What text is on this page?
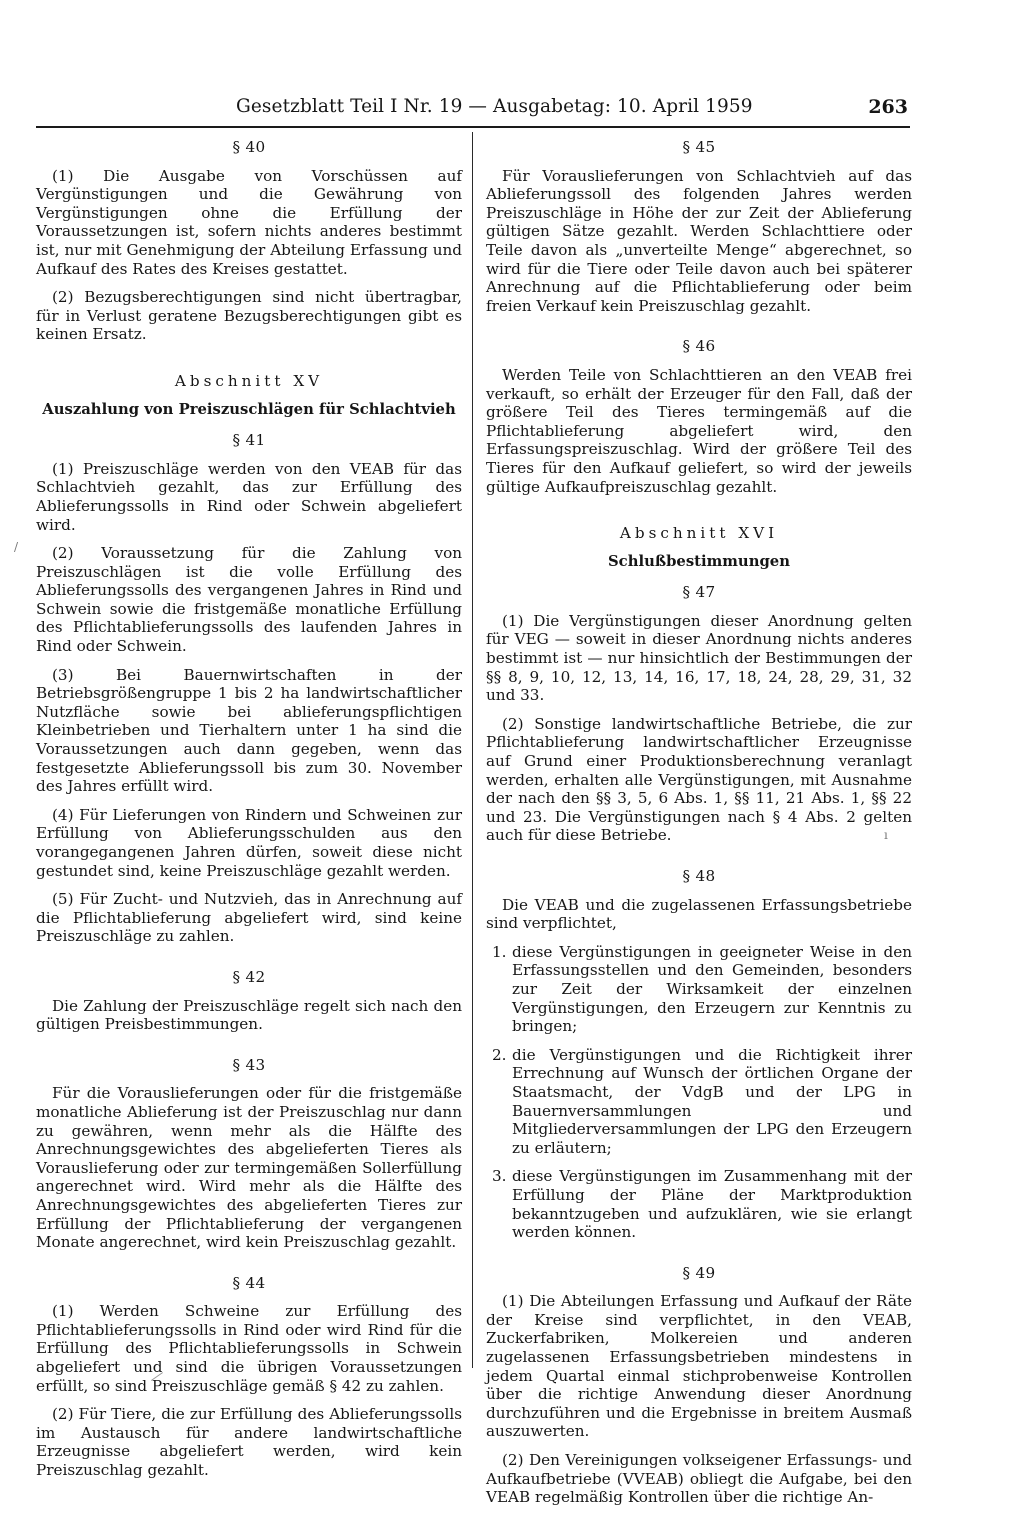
Gesetzblatt Teil I Nr. 19 — Ausgabetag: 10. April 1959	263
§ 40

(1) Die Ausgabe von Vorschüssen auf Vergünstigungen und die Gewährung von Vergünstigungen ohne die Erfüllung der Voraussetzungen ist, sofern nichts anderes bestimmt ist, nur mit Genehmigung der Abteilung Erfassung und Aufkauf des Rates des Kreises gestattet.

(2) Bezugsberechtigungen sind nicht übertragbar, für in Verlust geratene Bezugsberechtigungen gibt es keinen Ersatz.

Abschnitt XV
Auszahlung von Preiszuschlägen für Schlachtvieh
§ 41

(1) Preiszuschläge werden von den VEAB für das Schlachtvieh gezahlt, das zur Erfüllung des Ablieferungssolls in Rind oder Schwein abgeliefert wird.

(2) Voraussetzung für die Zahlung von Preiszuschlägen ist die volle Erfüllung des Ablieferungssolls des vergangenen Jahres in Rind und Schwein sowie die fristgemäße monatliche Erfüllung des Pflichtablieferungssolls des laufenden Jahres in Rind oder Schwein.

(3) Bei Bauernwirtschaften in der Betriebsgrößengruppe 1 bis 2 ha landwirtschaftlicher Nutzfläche sowie bei ablieferungspflichtigen Kleinbetrieben und Tierhaltern unter 1 ha sind die Voraussetzungen auch dann gegeben, wenn das festgesetzte Ablieferungssoll bis zum 30. November des Jahres erfüllt wird.

(4) Für Lieferungen von Rindern und Schweinen zur Erfüllung von Ablieferungsschulden aus den vorangegangenen Jahren dürfen, soweit diese nicht gestundet sind, keine Preiszuschläge gezahlt werden.

(5) Für Zucht- und Nutzvieh, das in Anrechnung auf die Pflichtablieferung abgeliefert wird, sind keine Preiszuschläge zu zahlen.

§ 42

Die Zahlung der Preiszuschläge regelt sich nach den gültigen Preisbestimmungen.

§ 43

Für die Vorauslieferungen oder für die fristgemäße monatliche Ablieferung ist der Preiszuschlag nur dann zu gewähren, wenn mehr als die Hälfte des Anrechnungsgewichtes des abgelieferten Tieres als Vorauslieferung oder zur termingemäßen Sollerfüllung angerechnet wird. Wird mehr als die Hälfte des Anrechnungsgewichtes des abgelieferten Tieres zur Erfüllung der Pflichtablieferung der vergangenen Monate angerechnet, wird kein Preiszuschlag gezahlt.

§ 44

(1) Werden Schweine zur Erfüllung des Pflichtablieferungssolls in Rind oder wird Rind für die Erfüllung des Pflichtablieferungssolls in Schwein abgeliefert und sind die übrigen Voraussetzungen erfüllt, so sind Preiszuschläge gemäß § 42 zu zahlen.

(2) Für Tiere, die zur Erfüllung des Ablieferungssolls im Austausch für andere landwirtschaftliche Erzeugnisse abgeliefert werden, wird kein Preiszuschlag gezahlt.

§ 45

Für Vorauslieferungen von Schlachtvieh auf das Ablieferungssoll des folgenden Jahres werden Preiszuschläge in Höhe der zur Zeit der Ablieferung gültigen Sätze gezahlt. Werden Schlachttiere oder Teile davon als „unverteilte Menge“ abgerechnet, so wird für die Tiere oder Teile davon auch bei späterer Anrechnung auf die Pflichtablieferung oder beim freien Verkauf kein Preiszuschlag gezahlt.

§ 46

Werden Teile von Schlachttieren an den VEAB frei verkauft, so erhält der Erzeuger für den Fall, daß der größere Teil des Tieres termingemäß auf die Pflichtablieferung abgeliefert wird, den Erfassungspreiszuschlag. Wird der größere Teil des Tieres für den Aufkauf geliefert, so wird der jeweils gültige Aufkaufpreiszuschlag gezahlt.

Abschnitt XVI
Schlußbestimmungen
§ 47

(1) Die Vergünstigungen dieser Anordnung gelten für VEG — soweit in dieser Anordnung nichts anderes bestimmt ist — nur hinsichtlich der Bestimmungen der §§ 8, 9, 10, 12, 13, 14, 16, 17, 18, 24, 28, 29, 31, 32 und 33.

(2) Sonstige landwirtschaftliche Betriebe, die zur Pflichtablieferung landwirtschaftlicher Erzeugnisse auf Grund einer Produktionsberechnung veranlagt werden, erhalten alle Vergünstigungen, mit Ausnahme der nach den §§ 3, 5, 6 Abs. 1, §§ 11, 21 Abs. 1, §§ 22 und 23. Die Vergünstigungen nach § 4 Abs. 2 gelten auch für diese Betriebe.

§ 48

Die VEAB und die zugelassenen Erfassungsbetriebe sind verpflichtet,

1. diese Vergünstigungen in geeigneter Weise in den Erfassungsstellen und den Gemeinden, besonders zur Zeit der Wirksamkeit der einzelnen Vergünstigungen, den Erzeugern zur Kenntnis zu bringen;
2. die Vergünstigungen und die Richtigkeit ihrer Errechnung auf Wunsch der örtlichen Organe der Staatsmacht, der VdgB und der LPG in Bauernversammlungen und Mitgliederversammlungen der LPG den Erzeugern zu erläutern;
3. diese Vergünstigungen im Zusammenhang mit der Erfüllung der Pläne der Marktproduktion bekanntzugeben und aufzuklären, wie sie erlangt werden können.
§ 49

(1) Die Abteilungen Erfassung und Aufkauf der Räte der Kreise sind verpflichtet, in den VEAB, Zuckerfabriken, Molkereien und anderen zugelassenen Erfassungsbetrieben mindestens in jedem Quartal einmal stichprobenweise Kontrollen über die richtige Anwendung dieser Anordnung durchzuführen und die Ergebnisse in breitem Ausmaß auszuwerten.

(2) Den Vereinigungen volkseigener Erfassungs- und Aufkaufbetriebe (VVEAB) obliegt die Aufgabe, bei den VEAB regelmäßig Kontrollen über die richtige An-

/
ı
